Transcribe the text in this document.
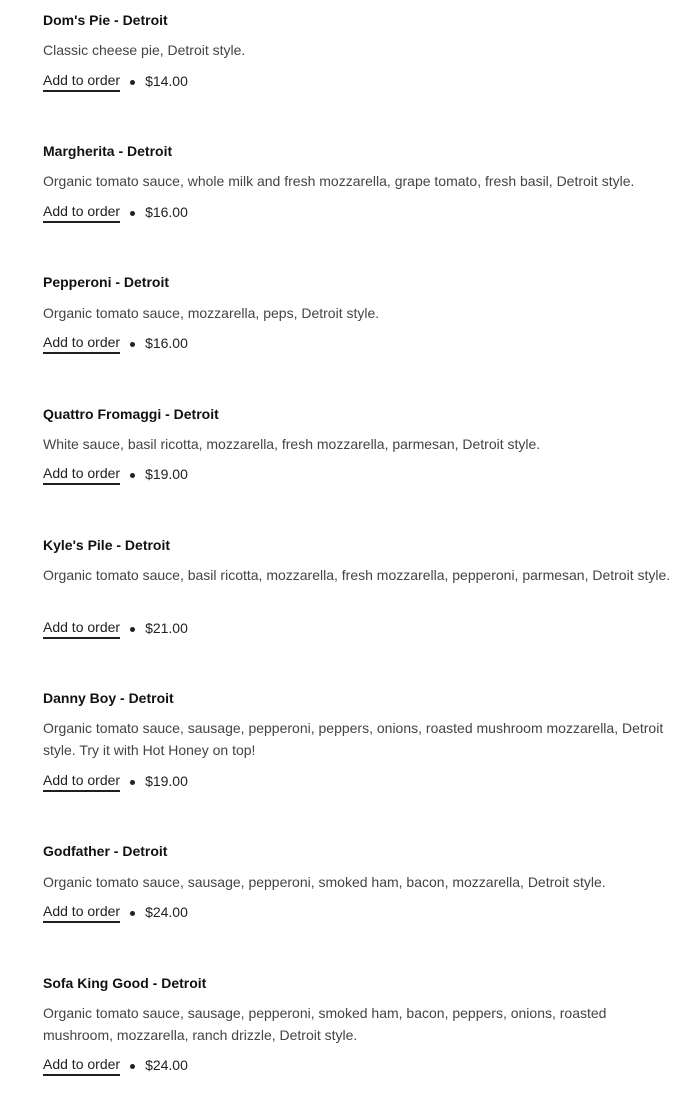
Dom's Pie - Detroit
Classic cheese pie, Detroit style.
Add to order $14.00
Margherita - Detroit
Organic tomato sauce, whole milk and fresh mozzarella, grape tomato, fresh basil, Detroit style.
Add to order $16.00
Pepperoni - Detroit
Organic tomato sauce, mozzarella, peps, Detroit style.
Add to order $16.00
Quattro Fromaggi - Detroit
White sauce, basil ricotta, mozzarella, fresh mozzarella, parmesan, Detroit style.
Add to order $19.00
Kyle's Pile - Detroit
Organic tomato sauce, basil ricotta, mozzarella, fresh mozzarella, pepperoni, parmesan, Detroit style.
Add to order $21.00
Danny Boy - Detroit
Organic tomato sauce, sausage, pepperoni, peppers, onions, roasted mushroom mozzarella, Detroit style. Try it with Hot Honey on top!
Add to order $19.00
Godfather - Detroit
Organic tomato sauce, sausage, pepperoni, smoked ham, bacon, mozzarella, Detroit style.
Add to order $24.00
Sofa King Good - Detroit
Organic tomato sauce, sausage, pepperoni, smoked ham, bacon, peppers, onions, roasted mushroom, mozzarella, ranch drizzle, Detroit style.
Add to order $24.00
